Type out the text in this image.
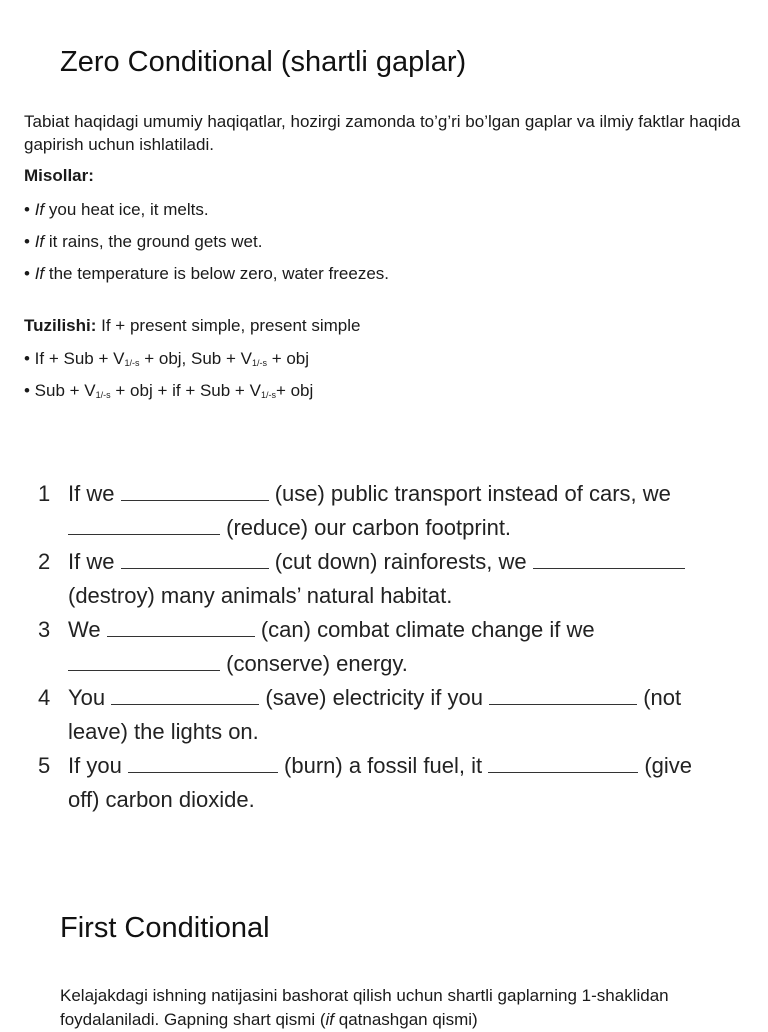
Zero Conditional (shartli gaplar)
Tabiat haqidagi umumiy haqiqatlar, hozirgi zamonda to’g’ri bo’lgan gaplar va ilmiy faktlar haqida gapirish uchun ishlatiladi.
Misollar:
• If you heat ice, it melts.
• If it rains, the ground gets wet.
• If the temperature is below zero, water freezes.
Tuzilishi: If + present simple, present simple
• If + Sub + $V_{1/-s}$ + obj, Sub + $V_{1/-s}$ + obj
• Sub + $V_{1/-s}$ + obj + if + Sub + $V_{1/-s}+$ obj
1 If we	(use) public transport instead of cars, we
(reduce) our carbon footprint.
2 If we	(cut down) rainforests, we
(destroy) many animals’ natural habitat.
3 We	(can) combat climate change if we
(conserve) energy.
4 You	(save) electricity if you	(not
leave) the lights on.
5 If you	(burn) a fossil fuel, it	(give
off) carbon dioxide.
First Conditional
Kelajakdagi ishning natijasini bashorat qilish uchun shartli gaplarning 1-shaklidan foydalaniladi. Gapning shart qismi (if qatnashgan qismi)
